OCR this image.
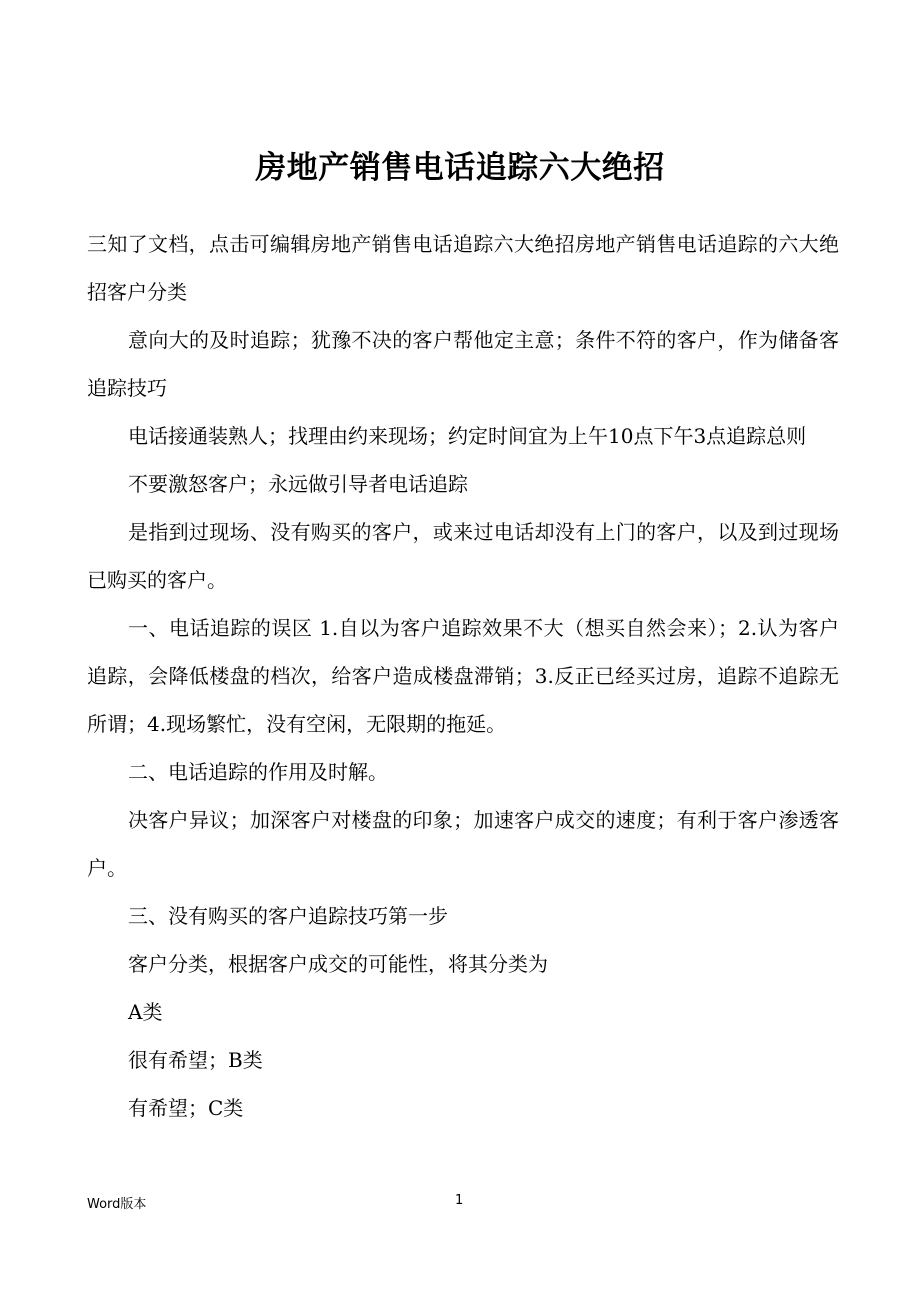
房地产销售电话追踪六大绝招

三知了文档，点击可编辑房地产销售电话追踪六大绝招房地产销售电话追踪的六大绝招客户分类

意向大的及时追踪；犹豫不决的客户帮他定主意；条件不符的客户，作为储备客追踪技巧

电话接通装熟人；找理由约来现场；约定时间宜为上午10点下午3点追踪总则

不要激怒客户；永远做引导者电话追踪

是指到过现场、没有购买的客户，或来过电话却没有上门的客户，以及到过现场已购买的客户。

一、电话追踪的误区 1.自以为客户追踪效果不大（想买自然会来）；2.认为客户追踪，会降低楼盘的档次，给客户造成楼盘滞销；3.反正已经买过房，追踪不追踪无所谓；4.现场繁忙，没有空闲，无限期的拖延。

二、电话追踪的作用及时解。

决客户异议；加深客户对楼盘的印象；加速客户成交的速度；有利于客户渗透客户。

三、没有购买的客户追踪技巧第一步

客户分类，根据客户成交的可能性，将其分类为

A类

很有希望；B类

有希望；C类

Word版本	1
